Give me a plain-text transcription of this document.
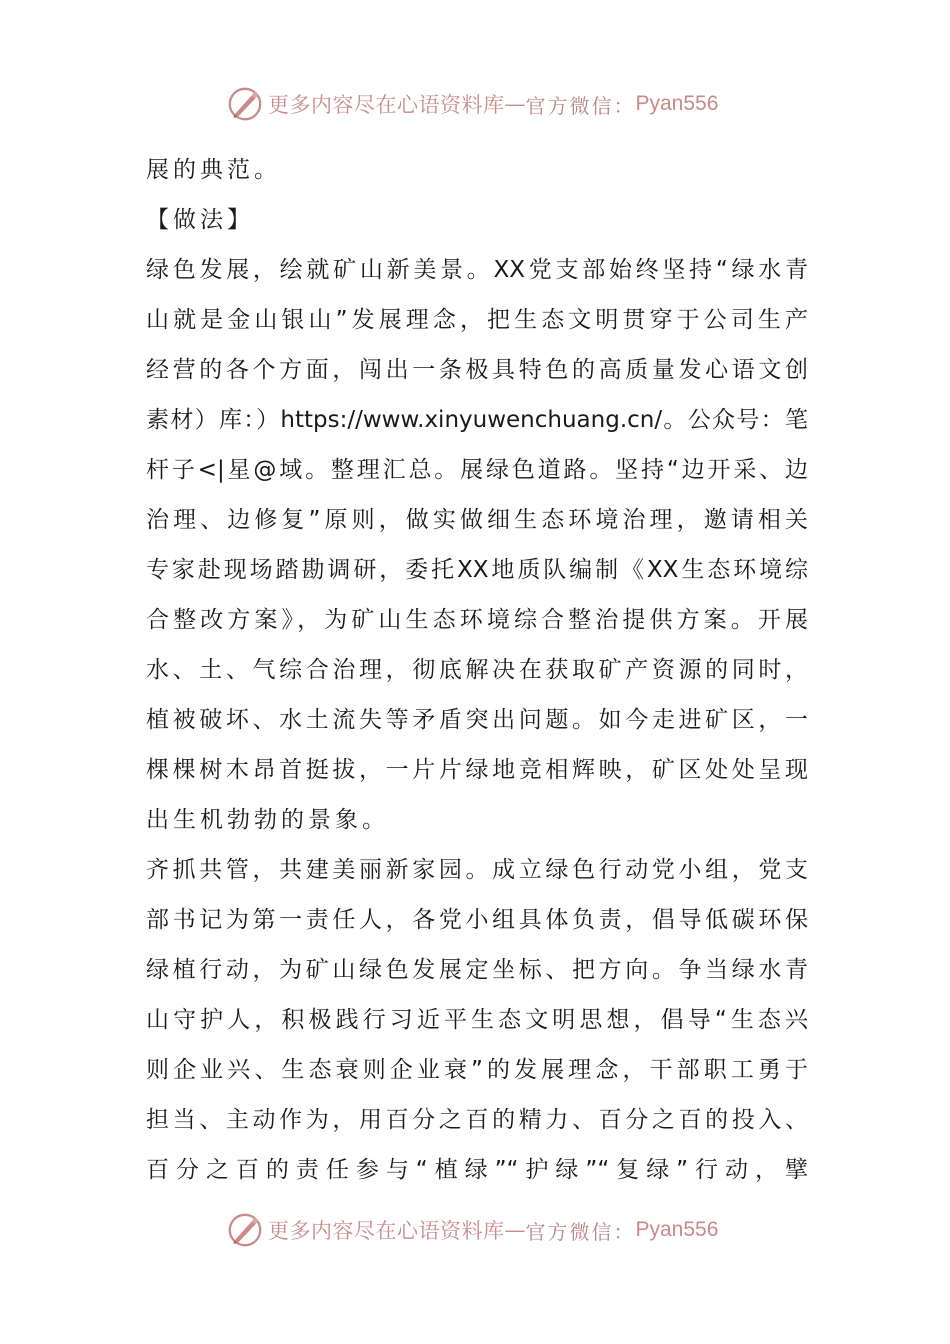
更多内容尽在心语资料库 — 官方微信： Pyan556
展的典范。
【做法】
绿色发展，绘就矿山新美景。XX党支部始终坚持“绿水青
山就是金山银山”发展理念，把生态文明贯穿于公司生产
经营的各个方面，闯出一条极具特色的高质量发心语文创
素材）库：）https://www.xinyuwenchuang.cn/。公众号：笔
杆子<|星@域。整理汇总。展绿色道路。坚持“边开采、边
治理、边修复”原则，做实做细生态环境治理，邀请相关
专家赴现场踏勘调研，委托XX地质队编制《XX生态环境综
合整改方案》，为矿山生态环境综合整治提供方案。开展
水、土、气综合治理，彻底解决在获取矿产资源的同时，
植被破坏、水土流失等矛盾突出问题。如今走进矿区，一
棵棵树木昂首挺拔，一片片绿地竞相辉映，矿区处处呈现
出生机勃勃的景象。
齐抓共管，共建美丽新家园。成立绿色行动党小组，党支
部书记为第一责任人，各党小组具体负责，倡导低碳环保
绿植行动，为矿山绿色发展定坐标、把方向。争当绿水青
山守护人，积极践行习近平生态文明思想，倡导“生态兴
则企业兴、生态衰则企业衰”的发展理念，干部职工勇于
担当、主动作为，用百分之百的精力、百分之百的投入、
百分之百的责任参与“植绿”“护绿”“复绿”行动，擘
更多内容尽在心语资料库 — 官方微信： Pyan556
